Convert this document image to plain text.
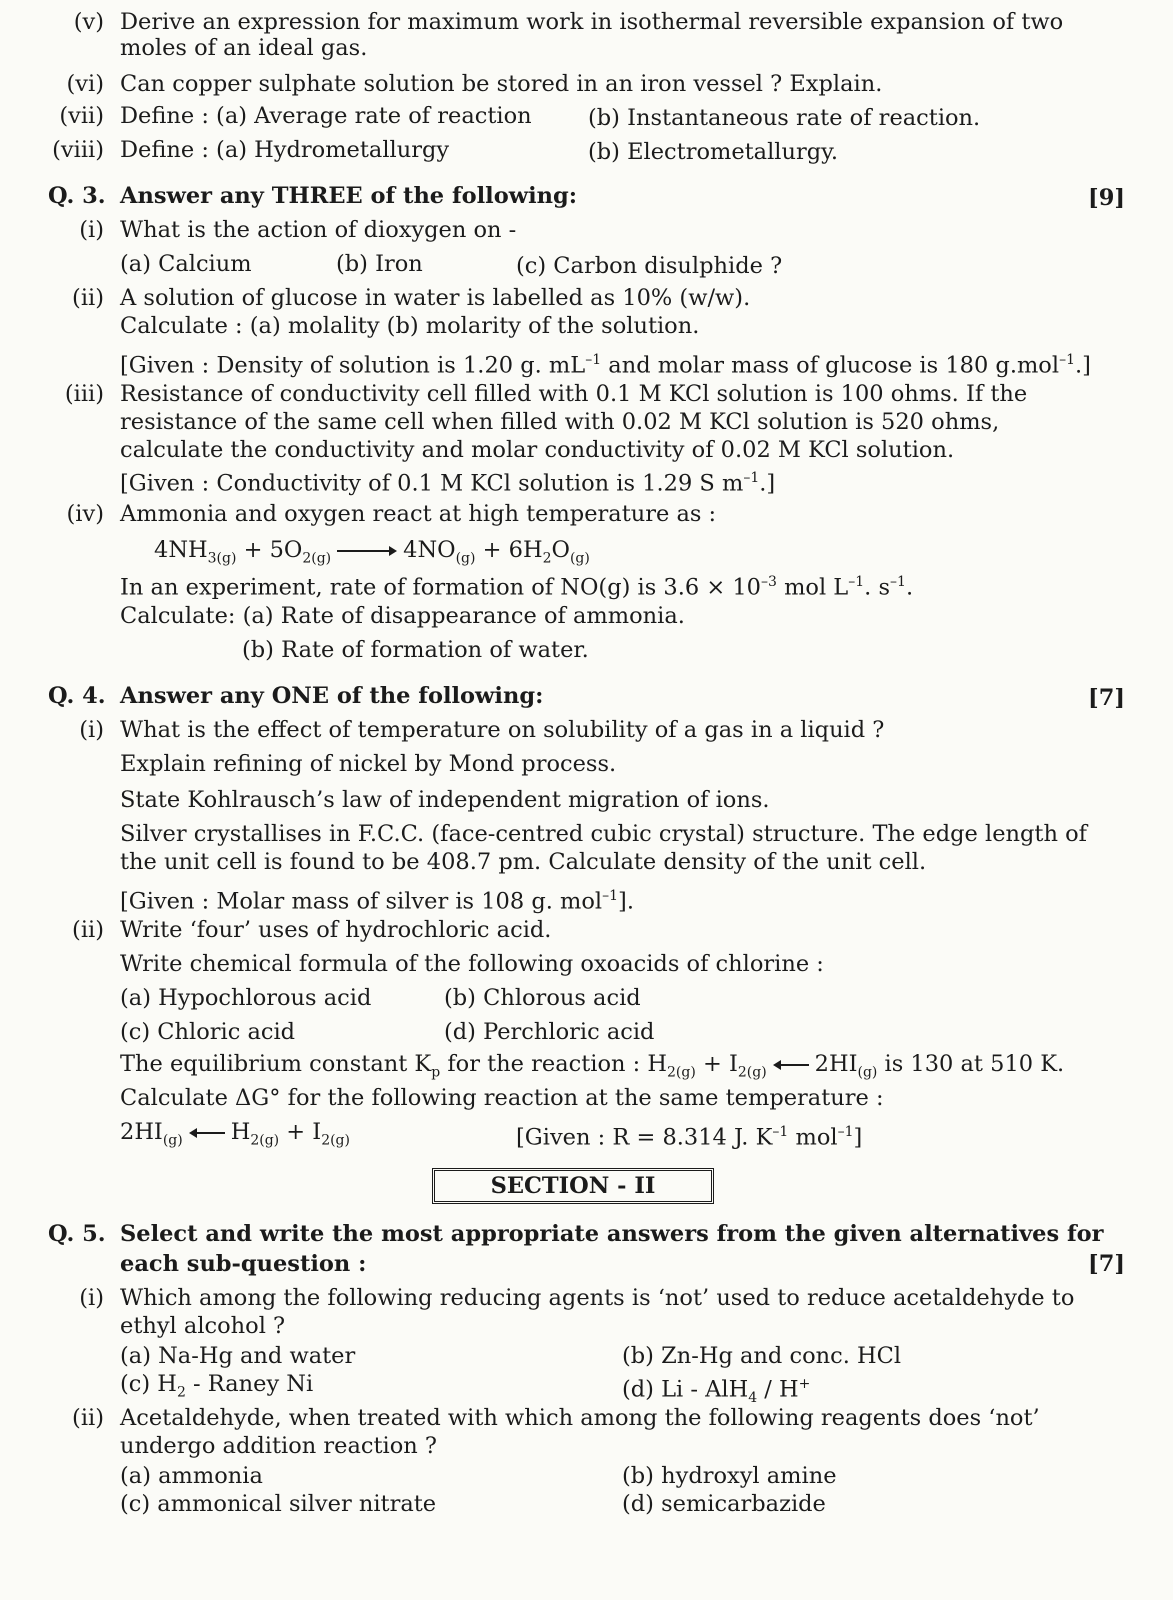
(v) Derive an expression for maximum work in isothermal reversible expansion of two
moles of an ideal gas.
(vi) Can copper sulphate solution be stored in an iron vessel ? Explain.
(vii) Define : (a) Average rate of reaction	(b) Instantaneous rate of reaction.
(viii) Define : (a) Hydrometallurgy	(b) Electrometallurgy.
Q. 3. Answer any THREE of the following:	[9]
(i) What is the action of dioxygen on -
(a) Calcium	(b) Iron	(c) Carbon disulphide ?
(ii) A solution of glucose in water is labelled as 10% (w/w).
Calculate : (a) molality (b) molarity of the solution.
[Given : Density of solution is 1.20 g. $mL^{-1}$ and molar mass of glucose is 180 g.mol$^{-1}$.]
(iii) Resistance of conductivity cell filled with 0.1 M KCl solution is 100 ohms. If the
resistance of the same cell when filled with 0.02 M KCl solution is 520 ohms,
calculate the conductivity and molar conductivity of 0.02 M KCl solution.
[Given : Conductivity of 0.1 M KCl solution is 1.29 S $m^{-1}$.]
(iv) Ammonia and oxygen react at high temperature as :
$4NH_{3(g)} + 5O_{2(g)}$	$4NO_{(g)} + 6H_2O_{(g)}$
In an experiment, rate of formation of NO(g) is $3.6 \times 10^{-3}$ mol $L^{-1}$. $s^{-1}$.
Calculate: (a) Rate of disappearance of ammonia.
(b) Rate of formation of water.
Q. 4. Answer any ONE of the following:	[7]
(i) What is the effect of temperature on solubility of a gas in a liquid ?
Explain refining of nickel by Mond process.
State Kohlrausch’s law of independent migration of ions.
Silver crystallises in F.C.C. (face-centred cubic crystal) structure. The edge length of
the unit cell is found to be 408.7 pm. Calculate density of the unit cell.
[Given : Molar mass of silver is 108 g. mol$^{-1}$].
(ii) Write ‘four’ uses of hydrochloric acid.
Write chemical formula of the following oxoacids of chlorine :
(a) Hypochlorous acid	(b) Chlorous acid
(c) Chloric acid	(d) Perchloric acid
The equilibrium constant $K_p$ for the reaction : $H_{2(g)} + I_{2(g)}$ $2HI_{(g)}$ is 130 at 510 K.
Calculate ΔG° for the following reaction at the same temperature :
$2HI_{(g)}$ $H_{2(g)} + I_{2(g)}$	[Given : R = 8.314 J. $K^{-1}$ mol$^{-1}$]
SECTION - II
Q. 5. Select and write the most appropriate answers from the given alternatives for
each sub-question :	[7]
(i) Which among the following reducing agents is ‘not’ used to reduce acetaldehyde to
ethyl alcohol ?
(a) Na-Hg and water	(b) Zn-Hg and conc. HCl
(c) $H_2$ - Raney Ni	(d) Li - AlH$_4$ / H+
(ii) Acetaldehyde, when treated with which among the following reagents does ‘not’
undergo addition reaction ?
(a) ammonia	(b) hydroxyl amine
(c) ammonical silver nitrate	(d) semicarbazide
